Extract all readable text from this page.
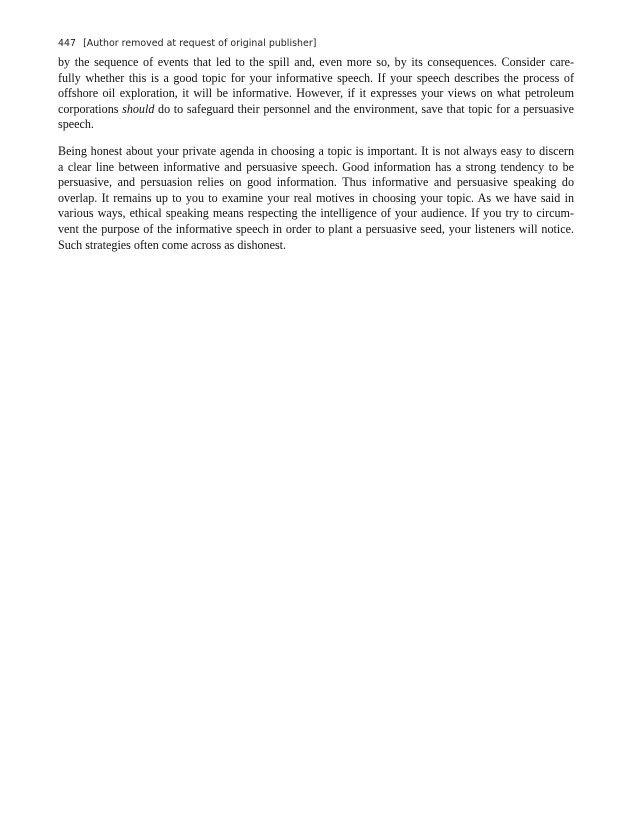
447 [Author removed at request of original publisher]

by the sequence of events that led to the spill and, even more so, by its consequences. Consider care-
fully whether this is a good topic for your informative speech. If your speech describes the process of
offshore oil exploration, it will be informative. However, if it expresses your views on what petroleum
corporations should do to safeguard their personnel and the environment, save that topic for a persuasive
speech.

Being honest about your private agenda in choosing a topic is important. It is not always easy to discern
a clear line between informative and persuasive speech. Good information has a strong tendency to be
persuasive, and persuasion relies on good information. Thus informative and persuasive speaking do
overlap. It remains up to you to examine your real motives in choosing your topic. As we have said in
various ways, ethical speaking means respecting the intelligence of your audience. If you try to circum-
vent the purpose of the informative speech in order to plant a persuasive seed, your listeners will notice.
Such strategies often come across as dishonest.
